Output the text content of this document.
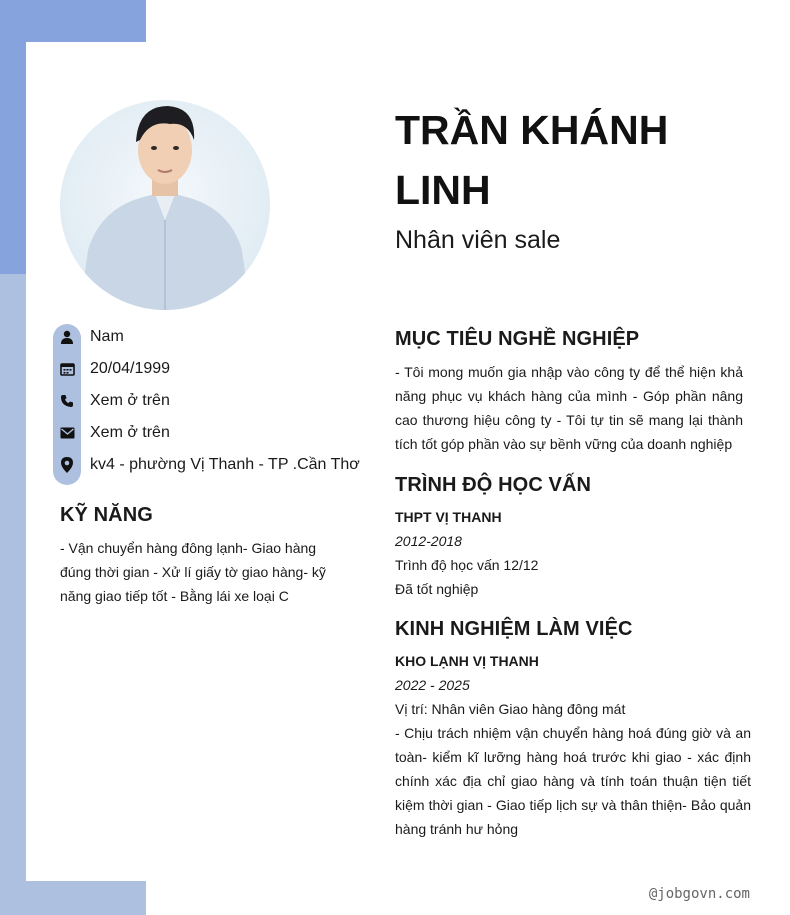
Nam
20/04/1999
Xem ở trên
Xem ở trên
kv4 - phường Vị Thanh - TP .Cần Thơ
KỸ NĂNG
- Vận chuyển hàng đông lạnh- Giao hàng đúng thời gian - Xử lí giấy tờ giao hàng- kỹ năng giao tiếp tốt - Bằng lái xe loại C
TRẦN KHÁNH LINH
Nhân viên sale
MỤC TIÊU NGHỀ NGHIỆP
- Tôi mong muốn gia nhập vào công ty để thể hiện khả năng phục vụ khách hàng của mình - Góp phần nâng cao thương hiệu công ty - Tôi tự tin sẽ mang lại thành tích tốt góp phần vào sự bềnh vững của doanh nghiệp
TRÌNH ĐỘ HỌC VẤN
THPT VỊ THANH
2012-2018
Trình độ học vấn 12/12
Đã tốt nghiệp
KINH NGHIỆM LÀM VIỆC
KHO LẠNH VỊ THANH
2022 - 2025
Vị trí: Nhân viên Giao hàng đông mát
- Chịu trách nhiệm vận chuyển hàng hoá đúng giờ và an toàn- kiểm kĩ lưỡng hàng hoá trước khi giao - xác định chính xác địa chỉ giao hàng và tính toán thuận tiện tiết kiệm thời gian - Giao tiếp lịch sự và thân thiện- Bảo quản hàng tránh hư hỏng
@jobgovn.com
